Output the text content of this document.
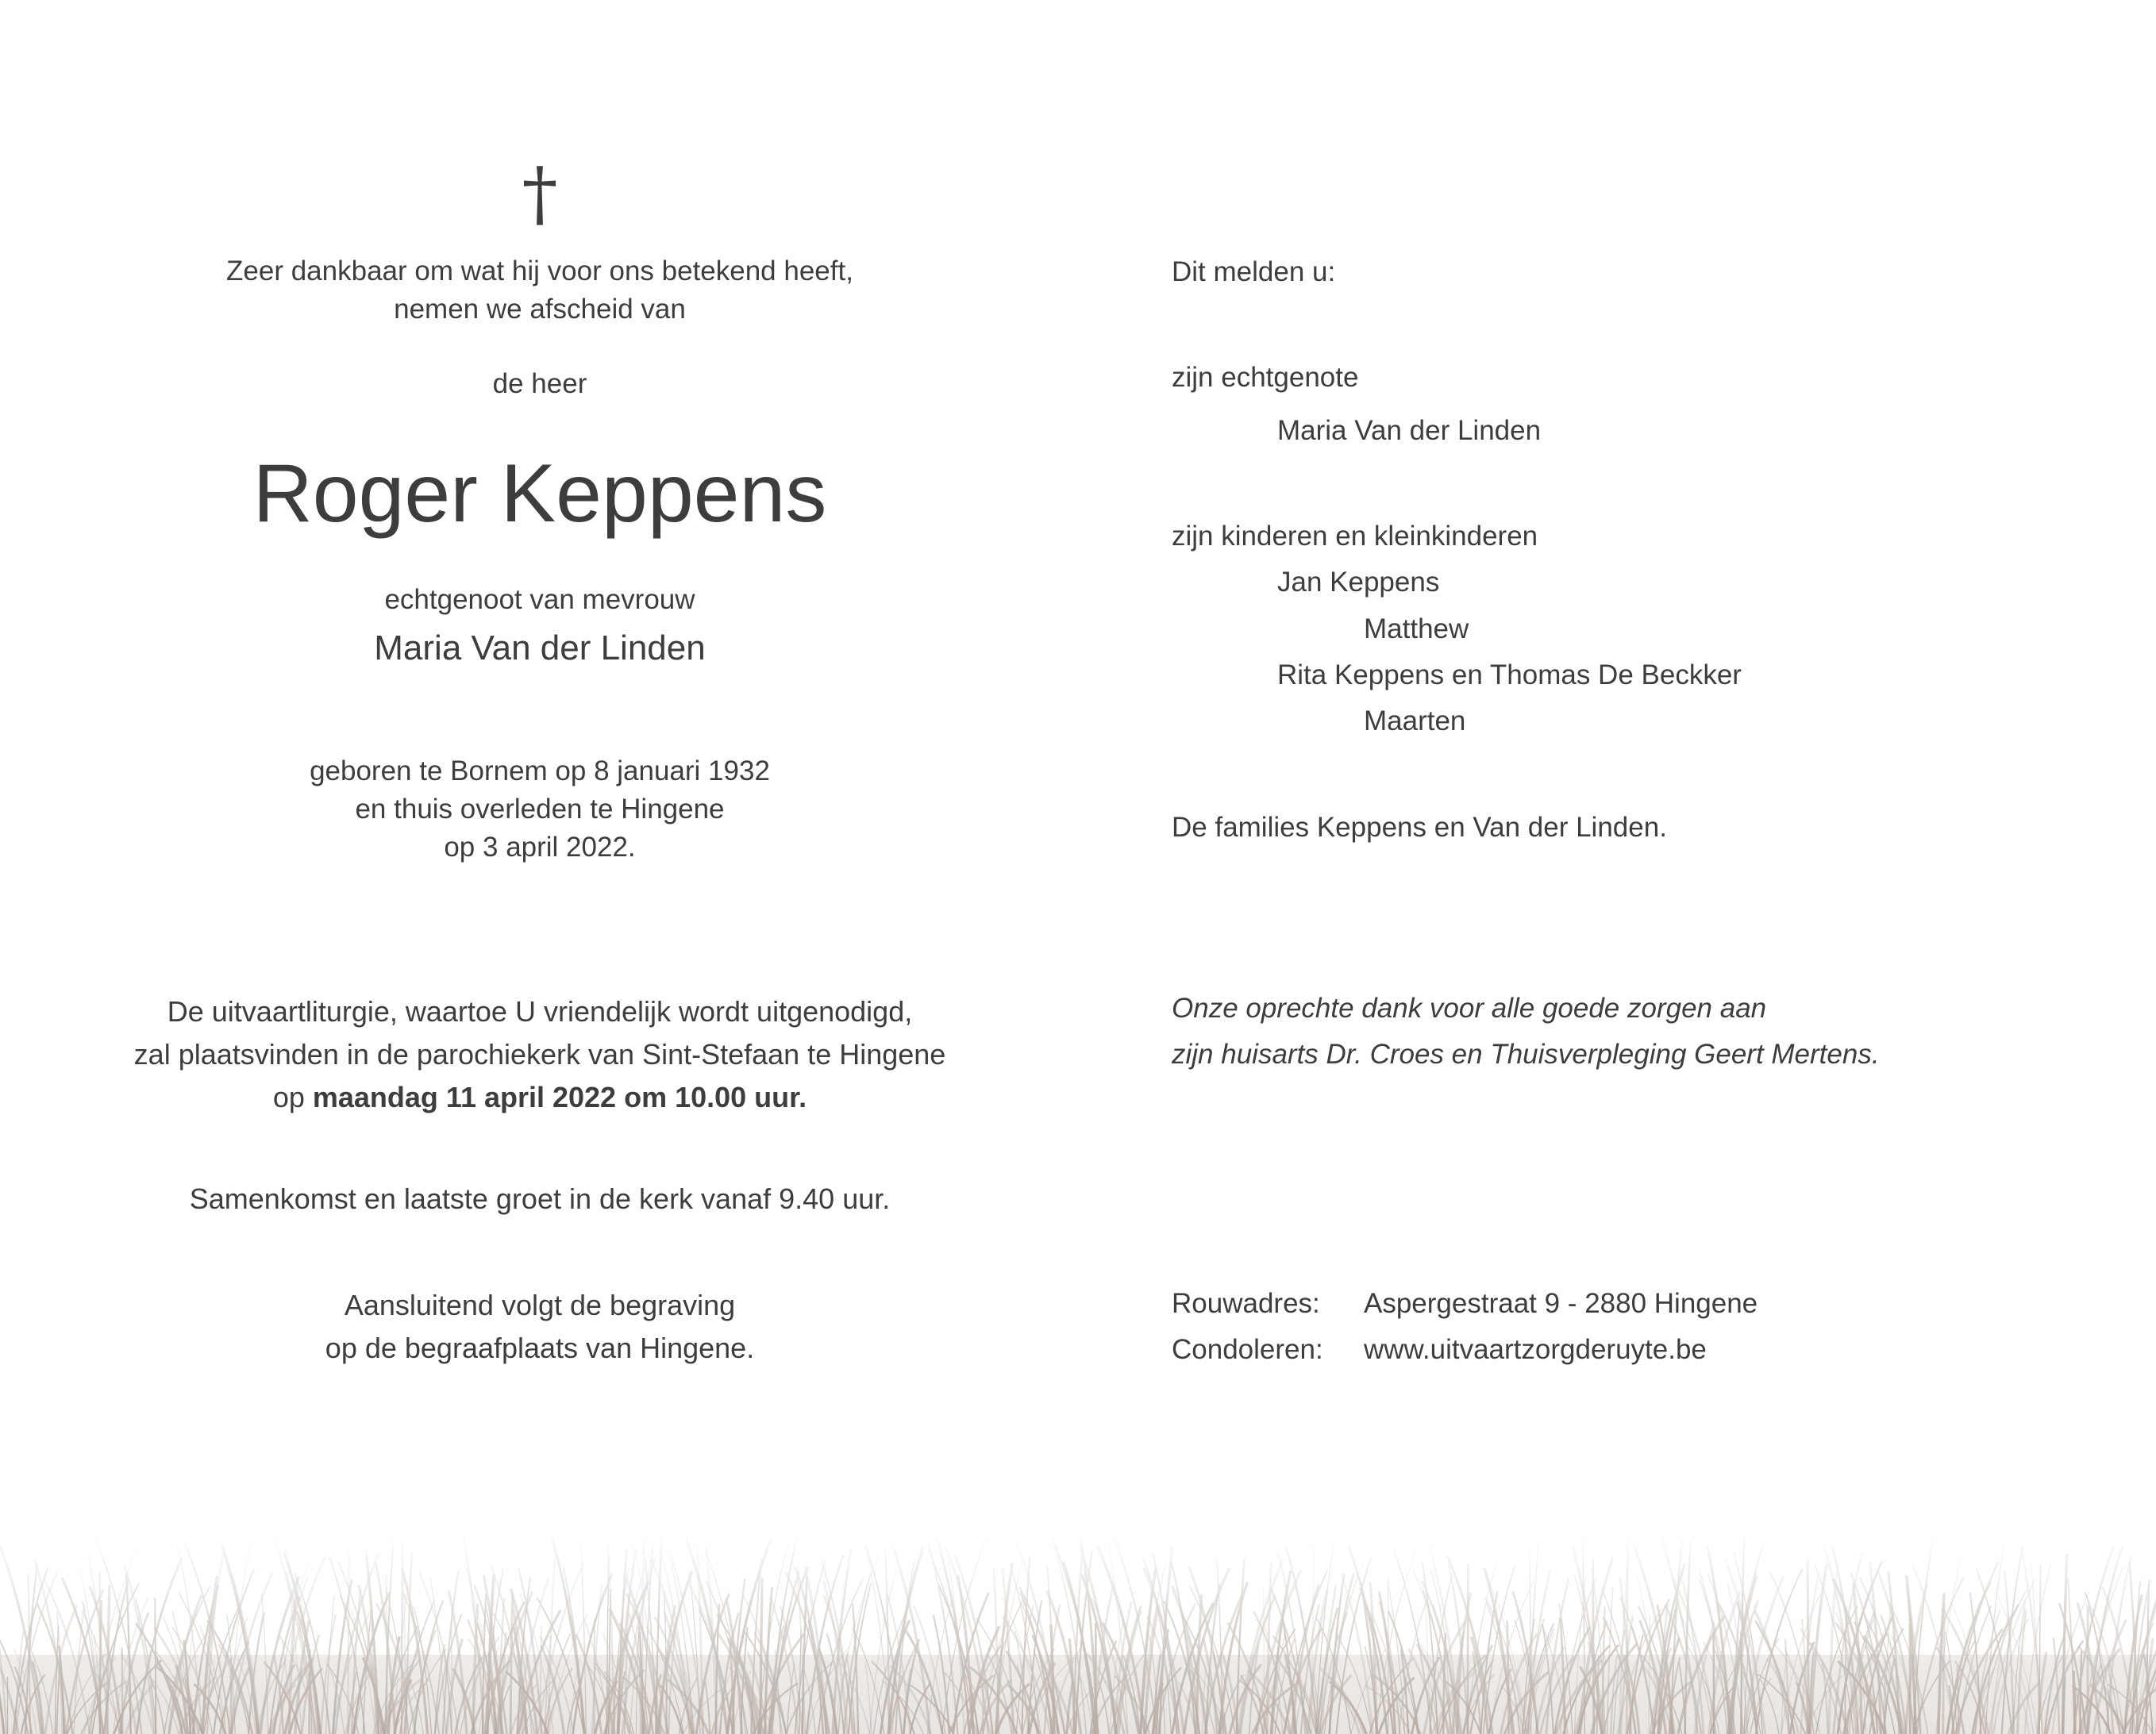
†
Zeer dankbaar om wat hij voor ons betekend heeft,
nemen we afscheid van
de heer
Roger Keppens
echtgenoot van mevrouw
Maria Van der Linden
geboren te Bornem op 8 januari 1932
en thuis overleden te Hingene
op 3 april 2022.
De uitvaartliturgie, waartoe U vriendelijk wordt uitgenodigd,
zal plaatsvinden in de parochiekerk van Sint-Stefaan te Hingene
op maandag 11 april 2022 om 10.00 uur.
Samenkomst en laatste groet in de kerk vanaf 9.40 uur.
Aansluitend volgt de begraving
op de begraafplaats van Hingene.
Dit melden u:
zijn echtgenote
Maria Van der Linden
zijn kinderen en kleinkinderen
Jan Keppens
Matthew
Rita Keppens en Thomas De Beckker
Maarten
De families Keppens en Van der Linden.
Onze oprechte dank voor alle goede zorgen aan
zijn huisarts Dr. Croes en Thuisverpleging Geert Mertens.
Rouwadres: Aspergestraat 9 - 2880 Hingene
Condoleren: www.uitvaartzorgderuyte.be
